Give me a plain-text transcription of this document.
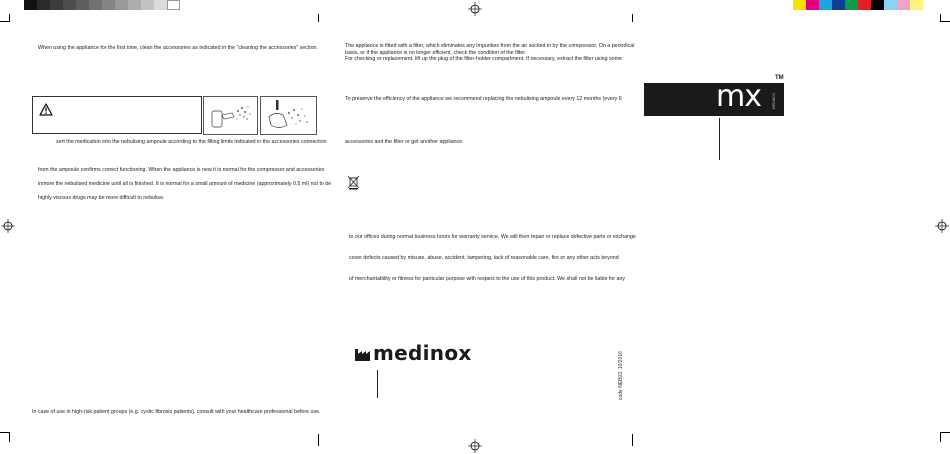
When using the appliance for the first time, clean the accessories as indicated in the "cleaning the accessories" section.
sert the medication into the nebulising ampoule according to the filling limits indicated in the accessories connection
from the ampoule confirms correct functioning. When the appliance is new it is normal for the compressor and accessories
inmore the nebulised medicine until all is finished. It is normal for a small amount of medicine (approximately 0.5 ml) not to be
highly viscous drugs may be more difficult to nebulise.
In case of use in high-risk patient groups (e.g. cystic fibrosis patients), consult with your healthcare professional before use.
The appliance is fitted with a filter, which eliminates any impurities from the air sucked in by the compressor. On a periodical
basis, or if the appliance is no longer efficient, check the condition of the filter
For checking or replacement, lift up the plug of the filter-holder compartment. If necessary, extract the filter using some
To preserve the efficiency of the appliance we recommend replacing the nebulising ampoule every 12 months (every 6
accessories and the filter or get another appliance.
to our offices during normal business hours for warranty service. We will then repair or replace defective parts or exchange
cover defects caused by misuse, abuse, accident, tampering, lack of reasonable care, fire or any other acts beyond
of merchantability or fitness for particular purpose with respect to the use of this product. We shall not be liable for any
medinox	code NEB03. 10/2016
mx	MEDINOX
TM
